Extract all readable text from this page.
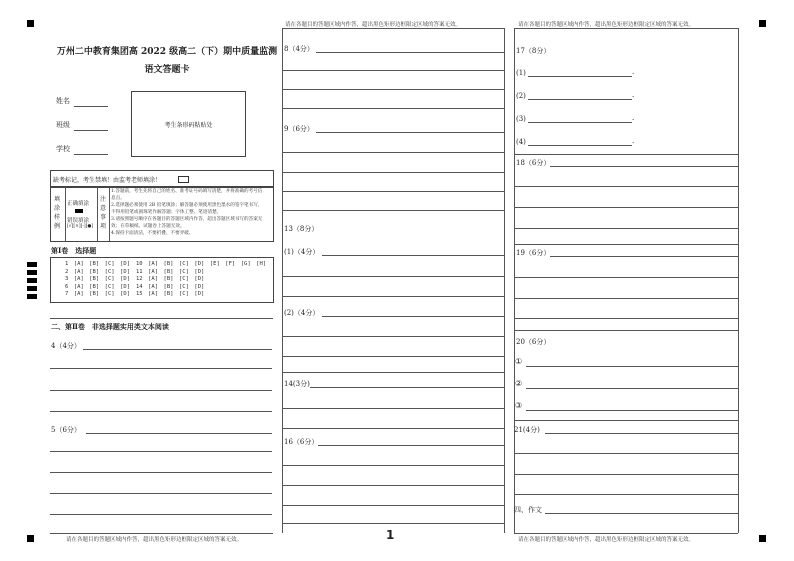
万州二中教育集团高 2022 级高二（下）期中质量监测
语文答题卡
姓名
班级
学校
考生条形码粘贴处
缺考标记，考生禁填！由监考老师填涂！
填
涂
样
例
正确填涂
错误填涂
[√][×][-][●]
注
意
事
项
1.答题前，考生先将自己的姓名、准考证号码填写清楚，并将准确的考号信
息点。
2.选择题必须使用 2B 铅笔填涂；解答题必须使用黑色墨水的签字笔书写，
不得用铅笔或圆珠笔作解答题；字体工整、笔迹清楚。
3.请按照题号顺序在各题目的答题区域内作答，超出答题区域书写的答案无
效；在草稿纸、试题卷上答题无效。
4.保持卡面清洁，不要折叠、不要弄破。
第Ⅰ卷　选择题
1　[A]　[B]　[C]　[D]
2　[A]　[B]　[C]　[D]
3　[A]　[B]　[C]　[D]
6　[A]　[B]　[C]　[D]
7　[A]　[B]　[C]　[D]
10　[A]　[B]　[C]　[D]　[E]　[F]　[G]　[H]
11　[A]　[B]　[C]　[D]
12　[A]　[B]　[C]　[D]
14　[A]　[B]　[C]　[D]
15　[A]　[B]　[C]　[D]
二、第Ⅱ卷　非选择题实用类文本阅读
4（4分）
5（6分）
请在各题目的答题区域内作答，超出黑色矩形边框限定区域的答案无效。
请在各题目的答题区域内作答，超出黑色矩形边框限定区域的答案无效。
8（4分）
9（6分）
13（8分）
(1)（4分）
(2)（4分）
14(3分)
16（6分）
1
请在各题目的答题区域内作答，超出黑色矩形边框限定区域的答案无效。
17（8分）
(1)	.
(2)	.
(3)	.
(4)	.
18（6分）
19（6分）
20（6分）
①
②
③
21(4分)
四、作文
请在各题目的答题区域内作答，超出黑色矩形边框限定区域的答案无效。
